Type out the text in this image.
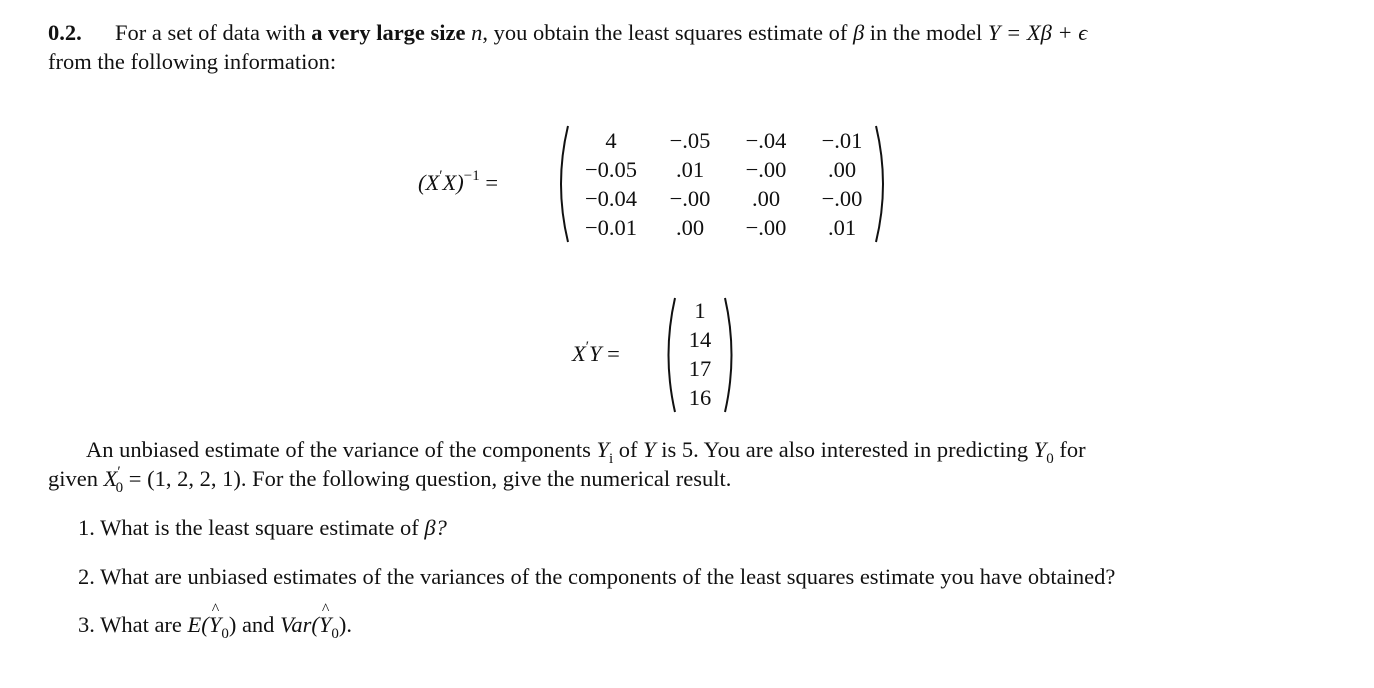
0.2. For a set of data with a very large size n, you obtain the least squares estimate of β in the model Y = Xβ + ϵ
from the following information:
$(X'X)^{-1}$ =
4	−.05	−.04	−.01
−0.05	.01	−.00	.00
−0.04	−.00	.00	−.00
−0.01	.00	−.00	.01
X′Y =
1
14
17
16
An unbiased estimate of the variance of the components $Y_i$ of Y is 5. You are also interested in predicting $Y_0$ for
given $X'_0 = (1$, 2, 2, 1). For the following question, give the numerical result.
1. What is the least square estimate of β?
2. What are unbiased estimates of the variances of the components of the least squares estimate you have obtained?
3. What are E(^ $Y_0$) and Var(^ $Y_0$).
